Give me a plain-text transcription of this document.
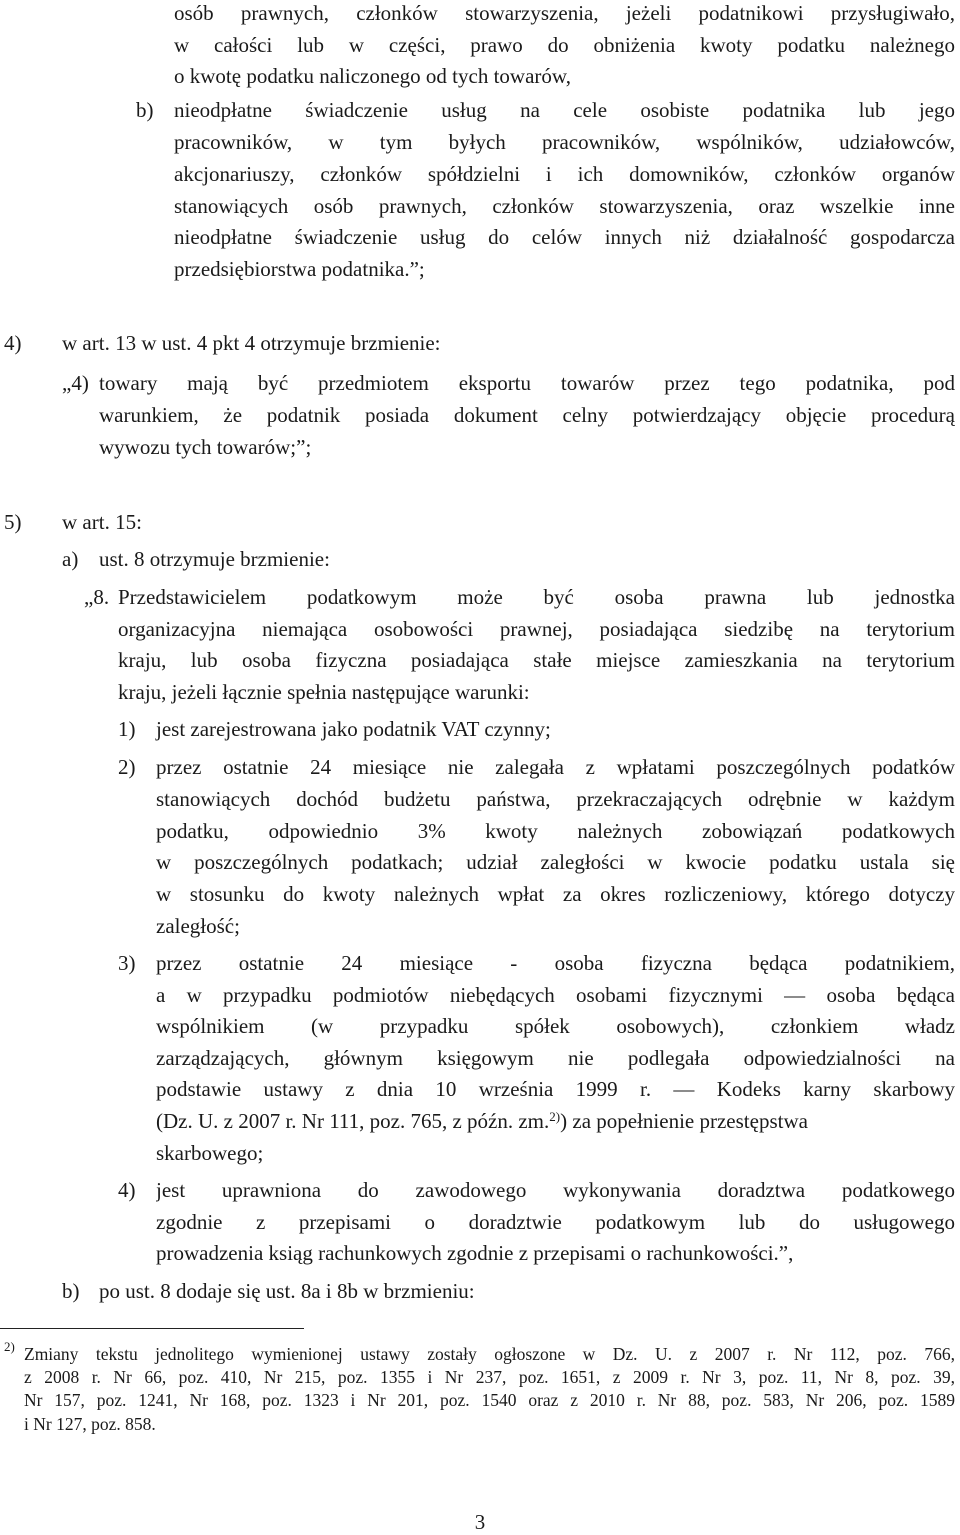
osób prawnych, członków stowarzyszenia, jeżeli podatnikowi przysługiwało,
w całości lub w części, prawo do obniżenia kwoty podatku należnego
o kwotę podatku naliczonego od tych towarów,
b) nieodpłatne świadczenie usług na cele osobiste podatnika lub jego
pracowników, w tym byłych pracowników, wspólników, udziałowców,
akcjonariuszy, członków spółdzielni i ich domowników, członków organów
stanowiących osób prawnych, członków stowarzyszenia, oraz wszelkie inne
nieodpłatne świadczenie usług do celów innych niż działalność gospodarcza
przedsiębiorstwa podatnika.”;
4) w art. 13 w ust. 4 pkt 4 otrzymuje brzmienie:
„4) towary mają być przedmiotem eksportu towarów przez tego podatnika, pod
warunkiem, że podatnik posiada dokument celny potwierdzający objęcie procedurą
wywozu tych towarów;”;
5) w art. 15:
a) ust. 8 otrzymuje brzmienie:
„8. Przedstawicielem podatkowym może być osoba prawna lub jednostka
organizacyjna niemająca osobowości prawnej, posiadająca siedzibę na terytorium
kraju, lub osoba fizyczna posiadająca stałe miejsce zamieszkania na terytorium
kraju, jeżeli łącznie spełnia następujące warunki:
1) jest zarejestrowana jako podatnik VAT czynny;
2) przez ostatnie 24 miesiące nie zalegała z wpłatami poszczególnych podatków
stanowiących dochód budżetu państwa, przekraczających odrębnie w każdym
podatku, odpowiednio 3% kwoty należnych zobowiązań podatkowych
w poszczególnych podatkach; udział zaległości w kwocie podatku ustala się
w stosunku do kwoty należnych wpłat za okres rozliczeniowy, którego dotyczy
zaległość;
3) przez ostatnie 24 miesiące - osoba fizyczna będąca podatnikiem,
a w przypadku podmiotów niebędących osobami fizycznymi — osoba będąca
wspólnikiem (w przypadku spółek osobowych), członkiem władz
zarządzających, głównym księgowym nie podlegała odpowiedzialności na
podstawie ustawy z dnia 10 września 1999 r. — Kodeks karny skarbowy
(Dz. U. z 2007 r. Nr 111, poz. 765, z późn. zm.$^{2)}$) za popełnienie przestępstwa
skarbowego;
4) jest uprawniona do zawodowego wykonywania doradztwa podatkowego
zgodnie z przepisami o doradztwie podatkowym lub do usługowego
prowadzenia ksiąg rachunkowych zgodnie z przepisami o rachunkowości.”,
b) po ust. 8 dodaje się ust. 8a i 8b w brzmieniu:
2) Zmiany tekstu jednolitego wymienionej ustawy zostały ogłoszone w Dz. U. z 2007 r. Nr 112, poz. 766,
z 2008 r. Nr 66, poz. 410, Nr 215, poz. 1355 i Nr 237, poz. 1651, z 2009 r. Nr 3, poz. 11, Nr 8, poz. 39,
Nr 157, poz. 1241, Nr 168, poz. 1323 i Nr 201, poz. 1540 oraz z 2010 r. Nr 88, poz. 583, Nr 206, poz. 1589
i Nr 127, poz. 858.
3
